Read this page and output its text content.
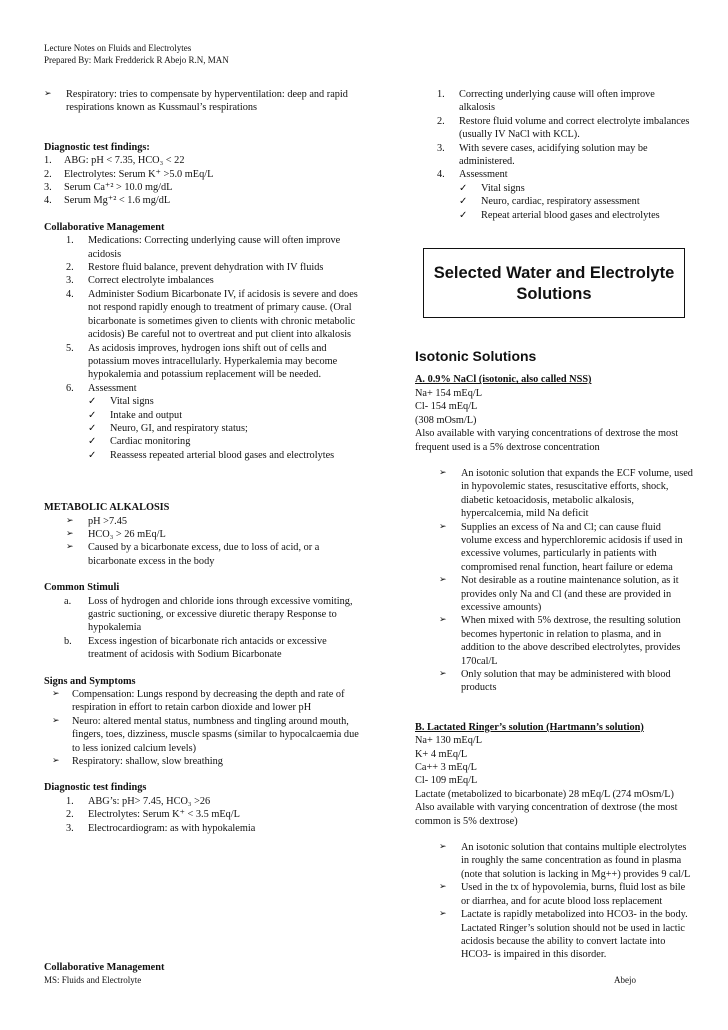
Lecture Notes on Fluids and Electrolytes
Prepared By: Mark Fredderick R Abejo R.N, MAN
➢	Respiratory: tries to compensate by hyperventilation: deep and rapid respirations known as Kussmaul’s respirations

Diagnostic test findings:

1.	ABG: pH < 7.35, HCO₃ < 22
2.	Electrolytes: Serum K⁺ >5.0 mEq/L
3.	Serum Ca⁺² > 10.0 mg/dL
4.	Serum Mg⁺² < 1.6 mg/dL

Collaborative Management

1.	Medications: Correcting underlying cause will often improve acidosis
2.	Restore fluid balance, prevent dehydration with IV fluids
3.	Correct electrolyte imbalances
4.	Administer Sodium Bicarbonate IV, if acidosis is severe and does not respond rapidly enough to treatment of primary cause. (Oral bicarbonate is sometimes given to clients with chronic metabolic acidosis) Be careful not to overtreat and put client into alkalosis
5.	As acidosis improves, hydrogen ions shift out of cells and potassium moves intracellularly. Hyperkalemia may become hypokalemia and potassium replacement will be needed.
6.	Assessment
✓	Vital signs
✓	Intake and output
✓	Neuro, GI, and respiratory status;
✓	Cardiac monitoring
✓	Reassess repeated arterial blood gases and electrolytes

METABOLIC ALKALOSIS

➢	pH >7.45
➢	HCO₃ > 26 mEq/L
➢	Caused by a bicarbonate excess, due to loss of acid, or a bicarbonate excess in the body

Common Stimuli

a.	Loss of hydrogen and chloride ions through excessive vomiting, gastric suctioning, or excessive diuretic therapy Response to hypokalemia
b.	Excess ingestion of bicarbonate rich antacids or excessive treatment of acidosis with Sodium Bicarbonate

Signs and Symptoms

➢	Compensation: Lungs respond by decreasing the depth and rate of respiration in effort to retain carbon dioxide and lower pH
➢	Neuro: altered mental status, numbness and tingling around mouth, fingers, toes, dizziness, muscle spasms (similar to hypocalcaemia due to less ionized calcium levels)
➢	Respiratory: shallow, slow breathing

Diagnostic test findings

1.	ABG’s: pH> 7.45, HCO₃ >26
2.	Electrolytes: Serum K⁺ < 3.5 mEq/L
3.	Electrocardiogram: as with hypokalemia
Collaborative Management
1.	Correcting underlying cause will often improve alkalosis
2.	Restore fluid volume and correct electrolyte imbalances (usually IV NaCl with KCL).
3.	With severe cases, acidifying solution may be administered.
4.	Assessment
✓	Vital signs
✓	Neuro, cardiac, respiratory assessment
✓	Repeat arterial blood gases and electrolytes
Selected Water and Electrolyte Solutions
Isotonic Solutions

A. 0.9% NaCl (isotonic, also called NSS)

Na+ 154 mEq/L

Cl- 154 mEq/L

(308 mOsm/L)

Also available with varying concentrations of dextrose the most frequent used is a 5% dextrose concentration

➢	An isotonic solution that expands the ECF volume, used in hypovolemic states, resuscitative efforts, shock, diabetic ketoacidosis, metabolic alkalosis, hypercalcemia, mild Na deficit
➢	Supplies an excess of Na and Cl; can cause fluid volume excess and hyperchloremic acidosis if used in excessive volumes, particularly in patients with compromised renal function, heart failure or edema
➢	Not desirable as a routine maintenance solution, as it provides only Na and Cl (and these are provided in excessive amounts)
➢	When mixed with 5% dextrose, the resulting solution becomes hypertonic in relation to plasma, and in addition to the above described electrolytes, provides 170cal/L
➢	Only solution that may be administered with blood products

B. Lactated Ringer’s solution (Hartmann’s solution)

Na+ 130 mEq/L

K+ 4 mEq/L

Ca++ 3 mEq/L

Cl- 109 mEq/L

Lactate (metabolized to bicarbonate) 28 mEq/L (274 mOsm/L)

Also available with varying concentration of dextrose (the most common is 5% dextrose)

➢	An isotonic solution that contains multiple electrolytes in roughly the same concentration as found in plasma (note that solution is lacking in Mg++) provides 9 cal/L
➢	Used in the tx of hypovolemia, burns, fluid lost as bile or diarrhea, and for acute blood loss replacement
➢	Lactate is rapidly metabolized into HCO3- in the body. Lactated Ringer’s solution should not be used in lactic acidosis because the ability to convert lactate into HCO3- is impaired in this disorder.
MS: Fluids and Electrolyte	Abejo
